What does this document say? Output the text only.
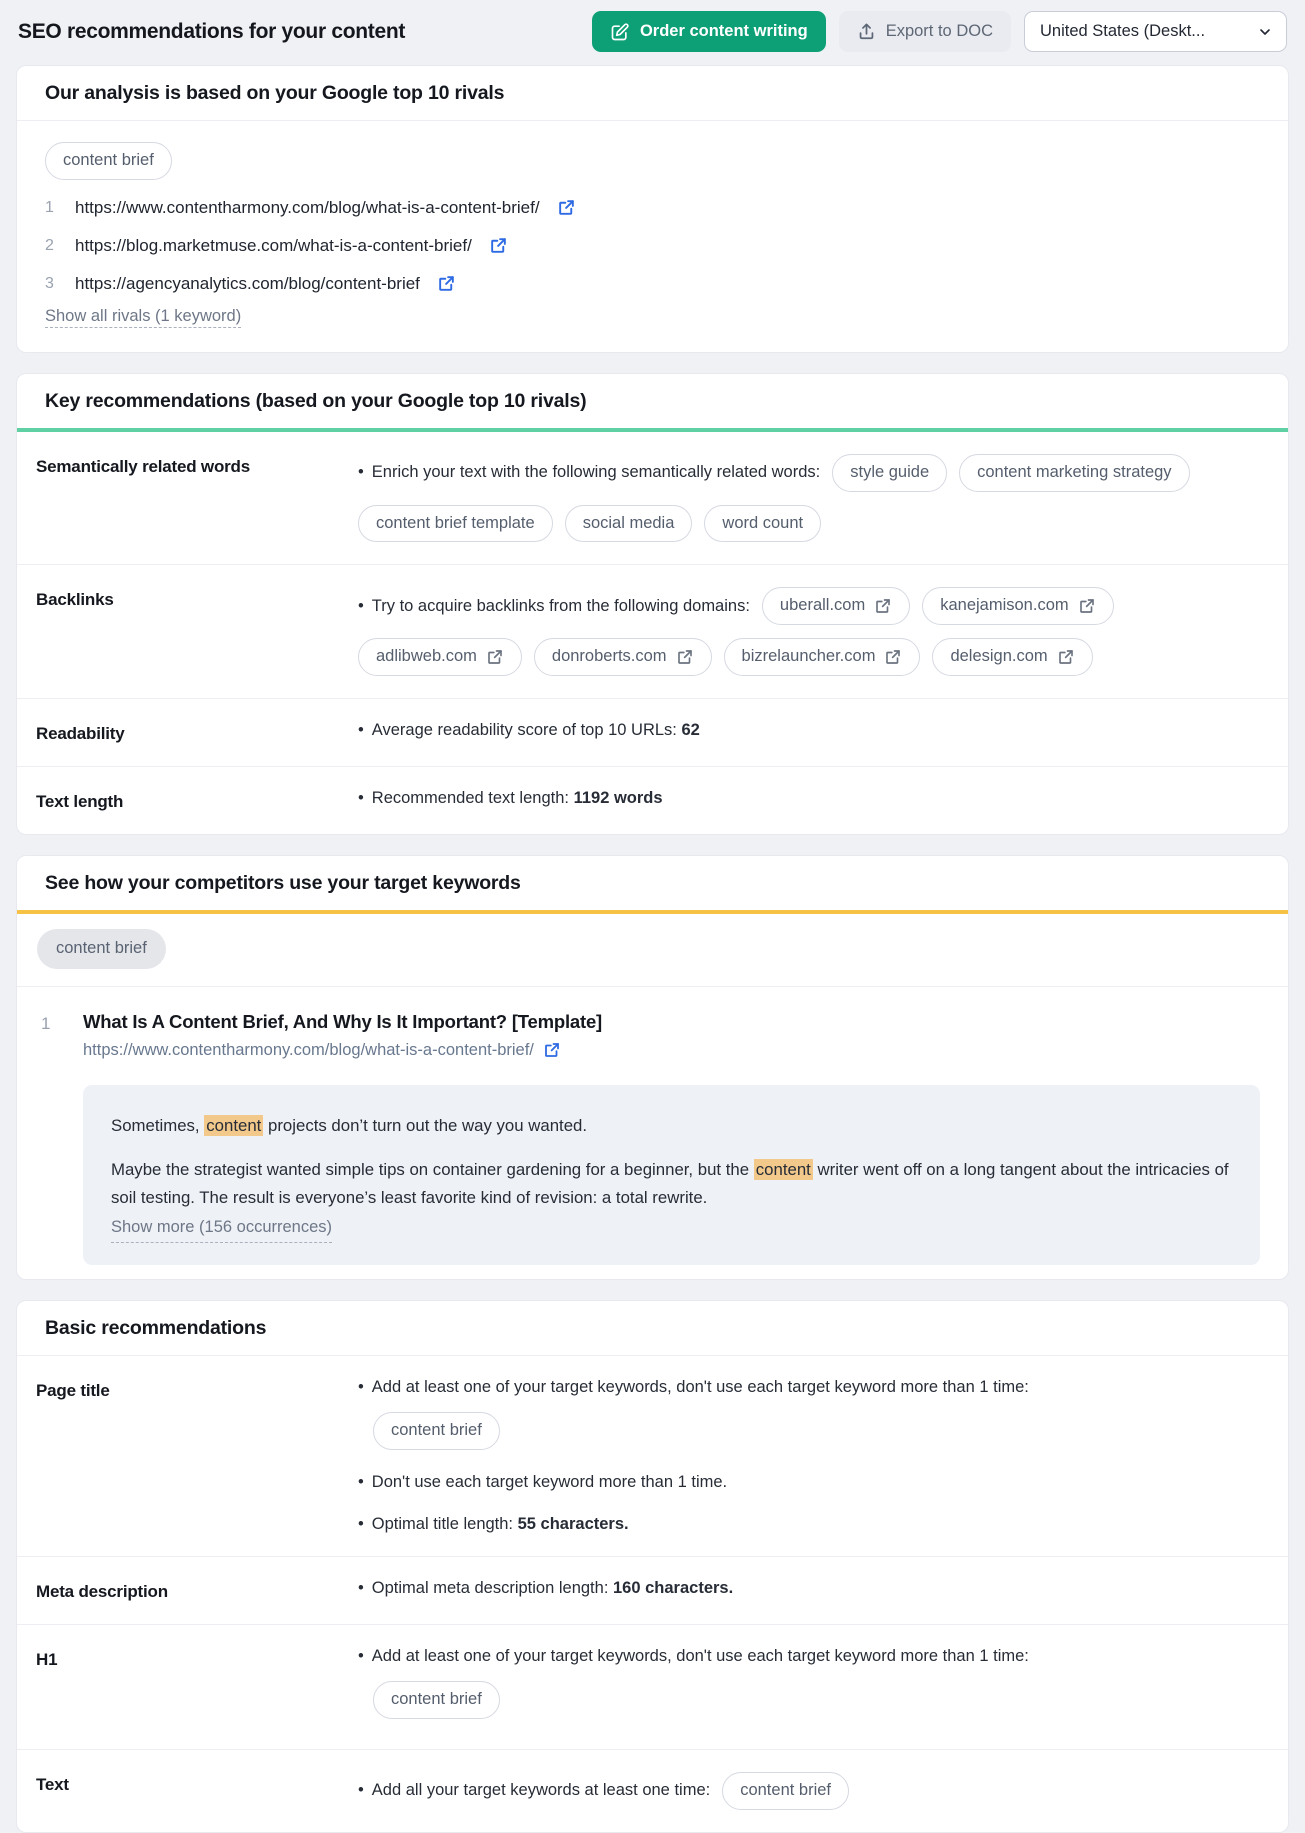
SEO recommendations for your content	Order content writing	Export to DOC	United States (Deskt...
Our analysis is based on your Google top 10 rivals
content brief
1 https://www.contentharmony.com/blog/what-is-a-content-brief/
2 https://blog.marketmuse.com/what-is-a-content-brief/
3 https://agencyanalytics.com/blog/content-brief
Show all rivals (1 keyword)
Key recommendations (based on your Google top 10 rivals)
Semantically related words	• Enrich your text with the following semantically related words:	style guide	content marketing strategy
content brief template	social media	word count
Backlinks	• Try to acquire backlinks from the following domains: uberall.com	kanejamison.com
adlibweb.com	donroberts.com	bizrelauncher.com	delesign.com
Readability	• Average readability score of top 10 URLs: 62
Text length	• Recommended text length: 1192 words
See how your competitors use your target keywords
content brief
1	What Is A Content Brief, And Why Is It Important? [Template]
https://www.contentharmony.com/blog/what-is-a-content-brief/

Sometimes, content projects don’t turn out the way you wanted.

Maybe the strategist wanted simple tips on container gardening for a beginner, but the content writer went off on a long tangent about the intricacies of soil testing. The result is everyone’s least favorite kind of revision: a total rewrite.

Show more (156 occurrences)
Basic recommendations
Page title	• Add at least one of your target keywords, don't use each target keyword more than 1 time:
content brief
• Don't use each target keyword more than 1 time.
• Optimal title length: 55 characters.
Meta description	• Optimal meta description length: 160 characters.
H1	• Add at least one of your target keywords, don't use each target keyword more than 1 time:
content brief
Text	• Add all your target keywords at least one time:	content brief
